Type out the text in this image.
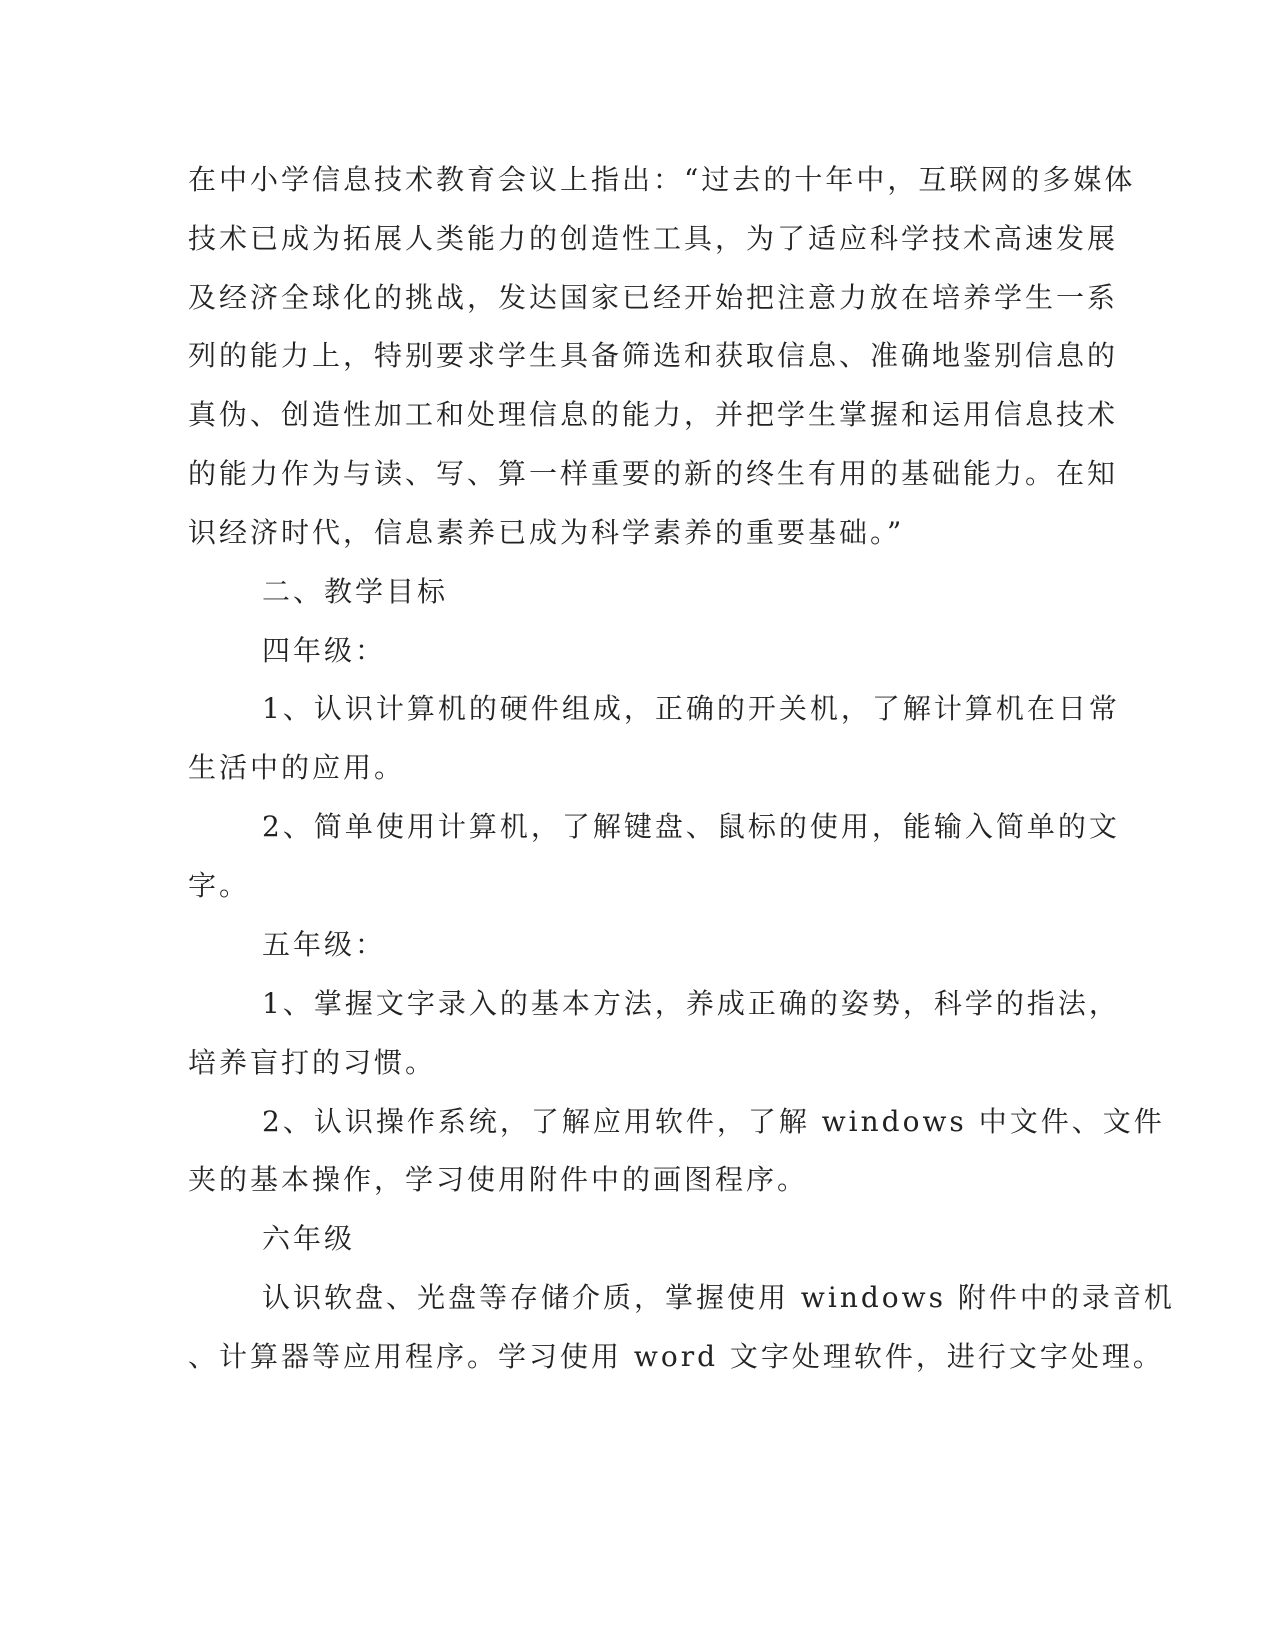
在中小学信息技术教育会议上指出：“过去的十年中，互联网的多媒体
技术已成为拓展人类能力的创造性工具，为了适应科学技术高速发展
及经济全球化的挑战，发达国家已经开始把注意力放在培养学生一系
列的能力上，特别要求学生具备筛选和获取信息、准确地鉴别信息的
真伪、创造性加工和处理信息的能力，并把学生掌握和运用信息技术
的能力作为与读、写、算一样重要的新的终生有用的基础能力。在知
识经济时代，信息素养已成为科学素养的重要基础。”
二、教学目标
四年级：
1、认识计算机的硬件组成，正确的开关机，了解计算机在日常
生活中的应用。
2、简单使用计算机，了解键盘、鼠标的使用，能输入简单的文
字。
五年级：
1、掌握文字录入的基本方法，养成正确的姿势，科学的指法，
培养盲打的习惯。
2、认识操作系统，了解应用软件，了解 windows 中文件、文件
夹的基本操作，学习使用附件中的画图程序。
六年级
认识软盘、光盘等存储介质，掌握使用 windows 附件中的录音机
、计算器等应用程序。学习使用 word 文字处理软件，进行文字处理。
